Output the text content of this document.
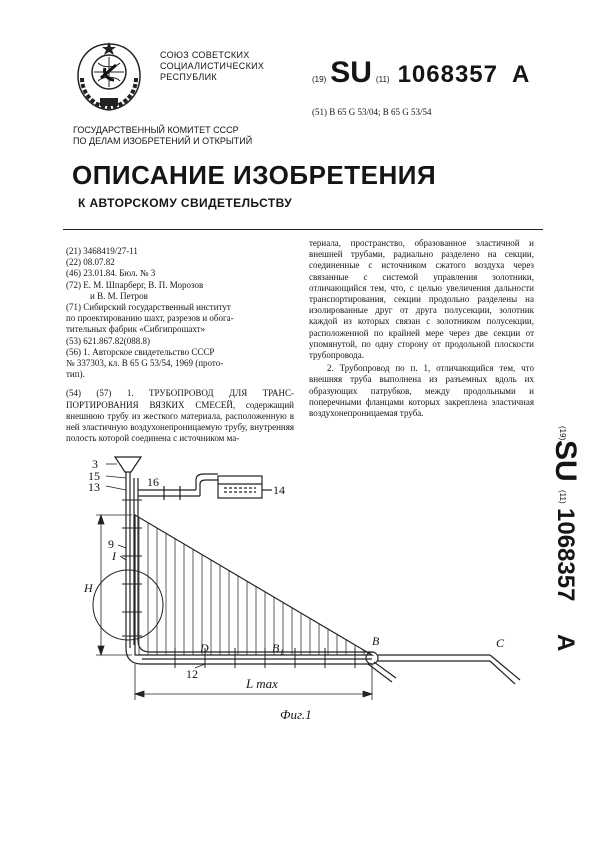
СОЮЗ СОВЕТСКИХ
СОЦИАЛИСТИЧЕСКИХ
РЕСПУБЛИК	(19) SU (11) 1068357 A
(51) B 65 G 53/04; B 65 G 53/54
ГОСУДАРСТВЕННЫЙ КОМИТЕТ СССР
ПО ДЕЛАМ ИЗОБРЕТЕНИЙ И ОТКРЫТИЙ
ОПИСАНИЕ ИЗОБРЕТЕНИЯ
К АВТОРСКОМУ СВИДЕТЕЛЬСТВУ
(21) 3468419/27-11
(22) 08.07.82
(46) 23.01.84. Бюл. № 3
(72) Е. М. Шпарберг, В. П. Морозов
и В. М. Петров
(71) Сибирский государственный институт
по проектированию шахт, разрезов и обога-
тительных фабрик «Сибгипрошахт»
(53) 621.867.82(088.8)
(56) 1. Авторское свидетельство СССР
№ 337303, кл. B 65 G 53/54, 1969 (прото-
тип).
(54) (57) 1. ТРУБОПРОВОД ДЛЯ ТРАНС-ПОРТИРОВАНИЯ ВЯЗКИХ СМЕСЕЙ, содержащий внешнюю трубу из жесткого материала, расположенную в ней эластичную воздухонепроницаемую трубу, внутренняя полость которой соединена с источником ма-

териала, пространство, образованное эластичной и внешней трубами, радиально разделено на секции, соединенные с источником сжатого воздуха через связанные с системой управления золотники, отличающийся тем, что, с целью увеличения дальности транспортирования, секции продольно разделены на изолированные друг от друга полусекции, золотник каждой из которых связан с золотником полусекции, расположенной по крайней мере через две секции от упомянутой, по одну сторону от продольной плоскости трубопровода.

2. Трубопровод по п. 1, отличающийся тем, что внешняя труба выполнена из разъемных вдоль их образующих патрубков, между продольными и поперечными фланцами которых закреплена эластичная воздухонепроницаемая труба.

(19)
SU
(11)
1068357
A
3
15
13	16
14
9
I
H
D	B₁	B	C
12
L max
Фиг.1
